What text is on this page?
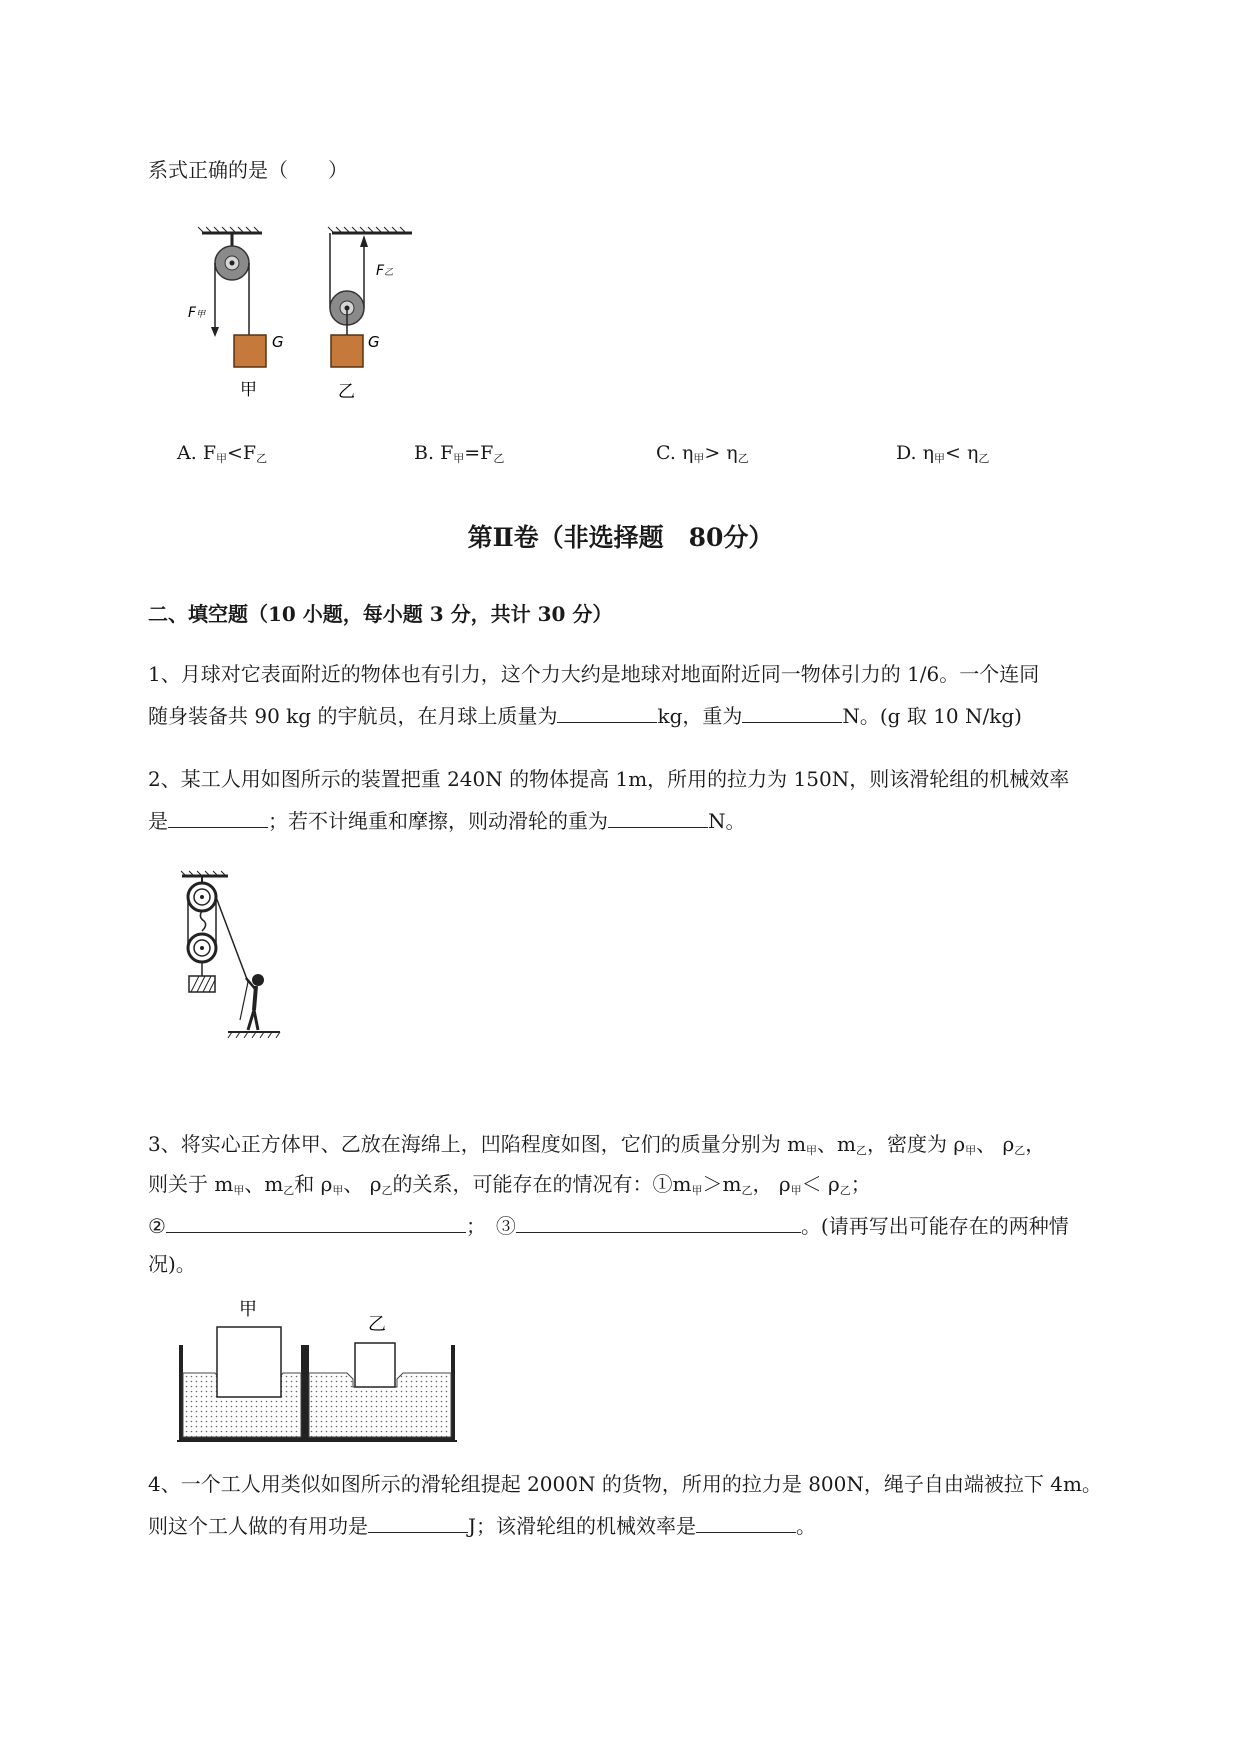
系式正确的是（　　）
F甲
G
甲
F乙
G
乙
A. $F_甲<F_乙$	B. $F_甲=F_乙$	C. $\eta_甲> \eta_乙$	D. $\eta_甲< \eta_乙$
第Ⅱ卷（非选择题　80分）
二、填空题（10 小题，每小题 3 分，共计 30 分）
1、月球对它表面附近的物体也有引力，这个力大约是地球对地面附近同一物体引力的 1/6。一个连同
随身装备共 90 kg 的宇航员，在月球上质量为	kg，重为	N。(g 取 10 N/kg)
2、某工人用如图所示的装置把重 240N 的物体提高 1m，所用的拉力为 150N，则该滑轮组的机械效率
是	；若不计绳重和摩擦，则动滑轮的重为	N。
3、将实心正方体甲、乙放在海绵上，凹陷程度如图，它们的质量分别为 $m_甲$、$m_乙$，密度为 $\rho_甲$、 $\rho_乙$，
则关于 $m_甲$、$m_乙$和 $\rho_甲$、 $\rho_乙$的关系，可能存在的情况有：$①m_甲>m_乙$， $\rho_甲< \rho_乙$；
②	；　③	。(请再写出可能存在的两种情
况)。
甲
乙
4、一个工人用类似如图所示的滑轮组提起 2000N 的货物，所用的拉力是 800N，绳子自由端被拉下 4m。
则这个工人做的有用功是	J；该滑轮组的机械效率是	。
